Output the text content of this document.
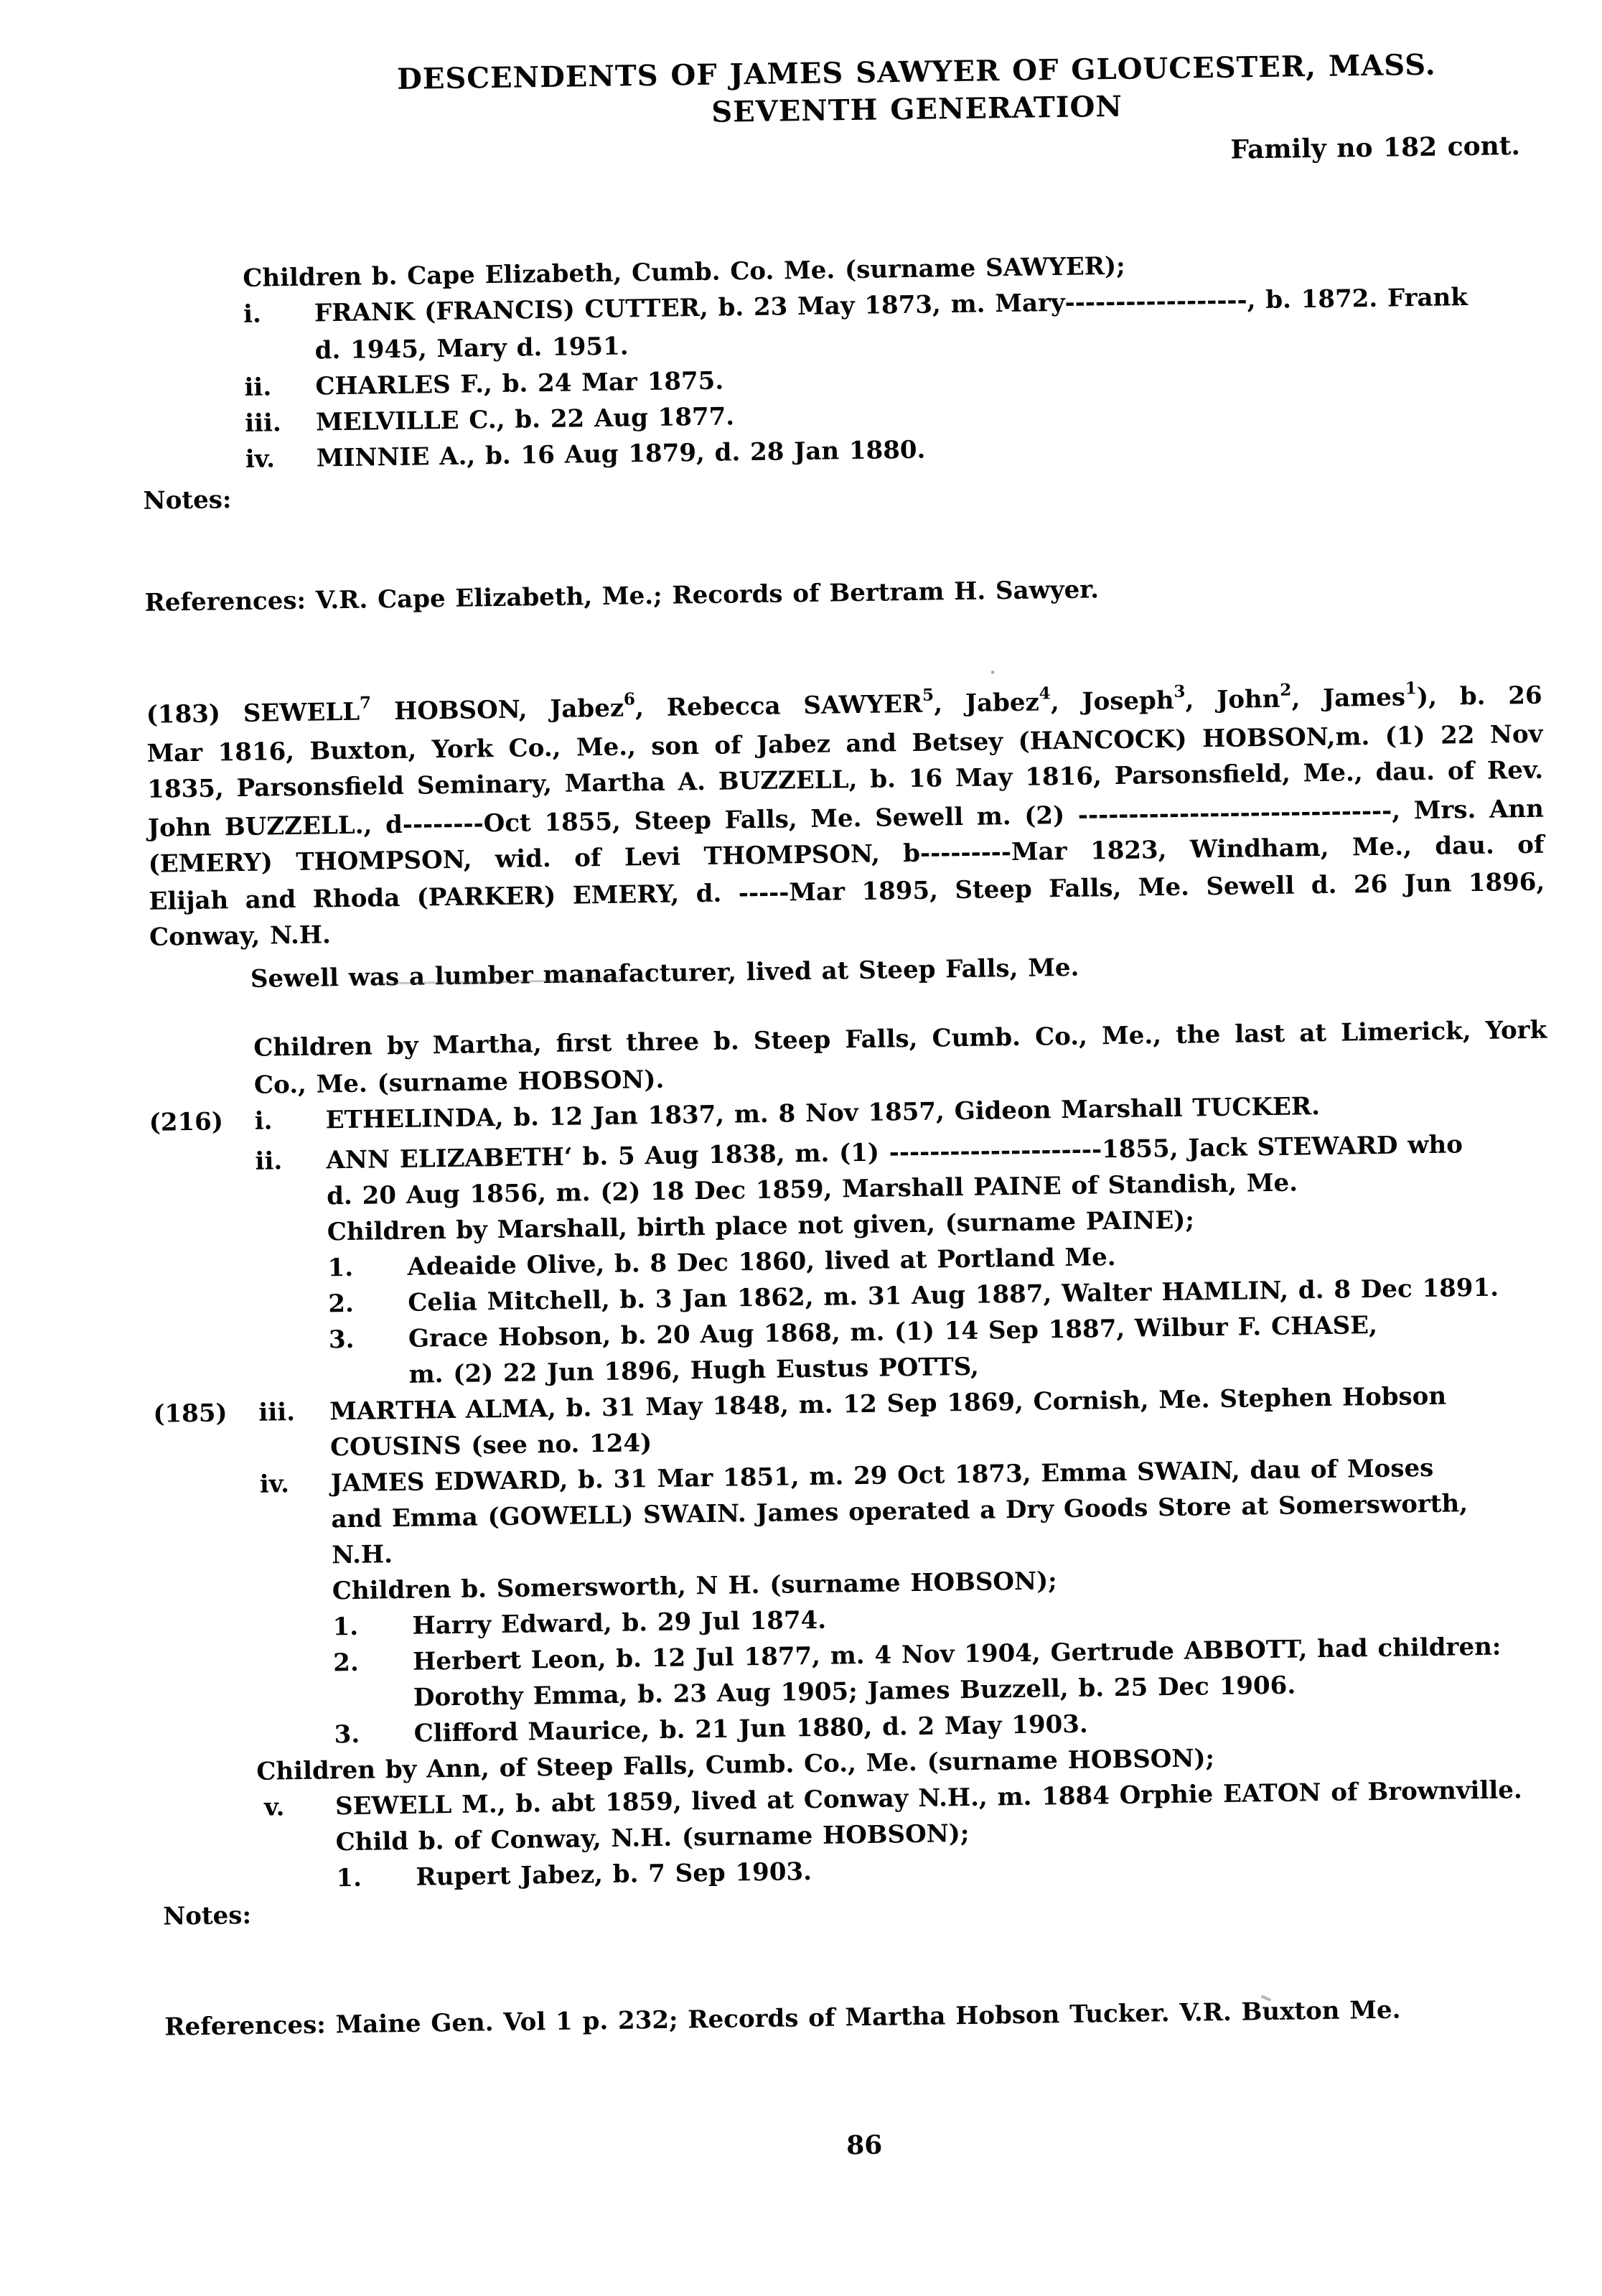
DESCENDENTS OF JAMES SAWYER OF GLOUCESTER, MASS.
SEVENTH GENERATION
Family no 182 cont.
Children b. Cape Elizabeth, Cumb. Co. Me. (surname SAWYER);
i. FRANK (FRANCIS) CUTTER, b. 23 May 1873, m. Mary------------------, b. 1872. Frank
d. 1945, Mary d. 1951.
ii. CHARLES F., b. 24 Mar 1875.
iii. MELVILLE C., b. 22 Aug 1877.
iv. MINNIE A., b. 16 Aug 1879, d. 28 Jan 1880.
Notes:
References: V.R. Cape Elizabeth, Me.; Records of Bertram H. Sawyer.
(183) SEWELL$^7$ HOBSON, Jabez$^6$, Rebecca SAWYER$^5$, Jabez$^4$, Joseph$^3$, John$^2$, James$^1$), b. 26
Mar 1816, Buxton, York Co., Me., son of Jabez and Betsey (HANCOCK) HOBSON,m. (1) 22 Nov
1835, Parsonsfield Seminary, Martha A. BUZZELL, b. 16 May 1816, Parsonsfield, Me., dau. of Rev.
John BUZZELL., d--------Oct 1855, Steep Falls, Me. Sewell m. (2) -------------------------------, Mrs. Ann
(EMERY) THOMPSON, wid. of Levi THOMPSON, b---------Mar 1823, Windham, Me., dau. of
Elijah and Rhoda (PARKER) EMERY, d. -----Mar 1895, Steep Falls, Me. Sewell d. 26 Jun 1896,
Conway, N.H.
Sewell was a lumber manafacturer, lived at Steep Falls, Me.
Children by Martha, first three b. Steep Falls, Cumb. Co., Me., the last at Limerick, York
Co., Me. (surname HOBSON).
(216) i. ETHELINDA, b. 12 Jan 1837, m. 8 Nov 1857, Gideon Marshall TUCKER.
ii. ANN ELIZABETH‘ b. 5 Aug 1838, m. (1) ---------------------1855, Jack STEWARD who
d. 20 Aug 1856, m. (2) 18 Dec 1859, Marshall PAINE of Standish, Me.
Children by Marshall, birth place not given, (surname PAINE);
1. Adeaide Olive, b. 8 Dec 1860, lived at Portland Me.
2. Celia Mitchell, b. 3 Jan 1862, m. 31 Aug 1887, Walter HAMLIN, d. 8 Dec 1891.
3. Grace Hobson, b. 20 Aug 1868, m. (1) 14 Sep 1887, Wilbur F. CHASE,
m. (2) 22 Jun 1896, Hugh Eustus POTTS,
(185) iii. MARTHA ALMA, b. 31 May 1848, m. 12 Sep 1869, Cornish, Me. Stephen Hobson
COUSINS (see no. 124)
iv. JAMES EDWARD, b. 31 Mar 1851, m. 29 Oct 1873, Emma SWAIN, dau of Moses
and Emma (GOWELL) SWAIN. James operated a Dry Goods Store at Somersworth,
N.H.
Children b. Somersworth, N H. (surname HOBSON);
1. Harry Edward, b. 29 Jul 1874.
2. Herbert Leon, b. 12 Jul 1877, m. 4 Nov 1904, Gertrude ABBOTT, had children:
Dorothy Emma, b. 23 Aug 1905; James Buzzell, b. 25 Dec 1906.
3. Clifford Maurice, b. 21 Jun 1880, d. 2 May 1903.
Children by Ann, of Steep Falls, Cumb. Co., Me. (surname HOBSON);
v. SEWELL M., b. abt 1859, lived at Conway N.H., m. 1884 Orphie EATON of Brownville.
Child b. of Conway, N.H. (surname HOBSON);
1. Rupert Jabez, b. 7 Sep 1903.
Notes:
References: Maine Gen. Vol 1 p. 232; Records of Martha Hobson Tucker. V.R. Buxton Me.
86
